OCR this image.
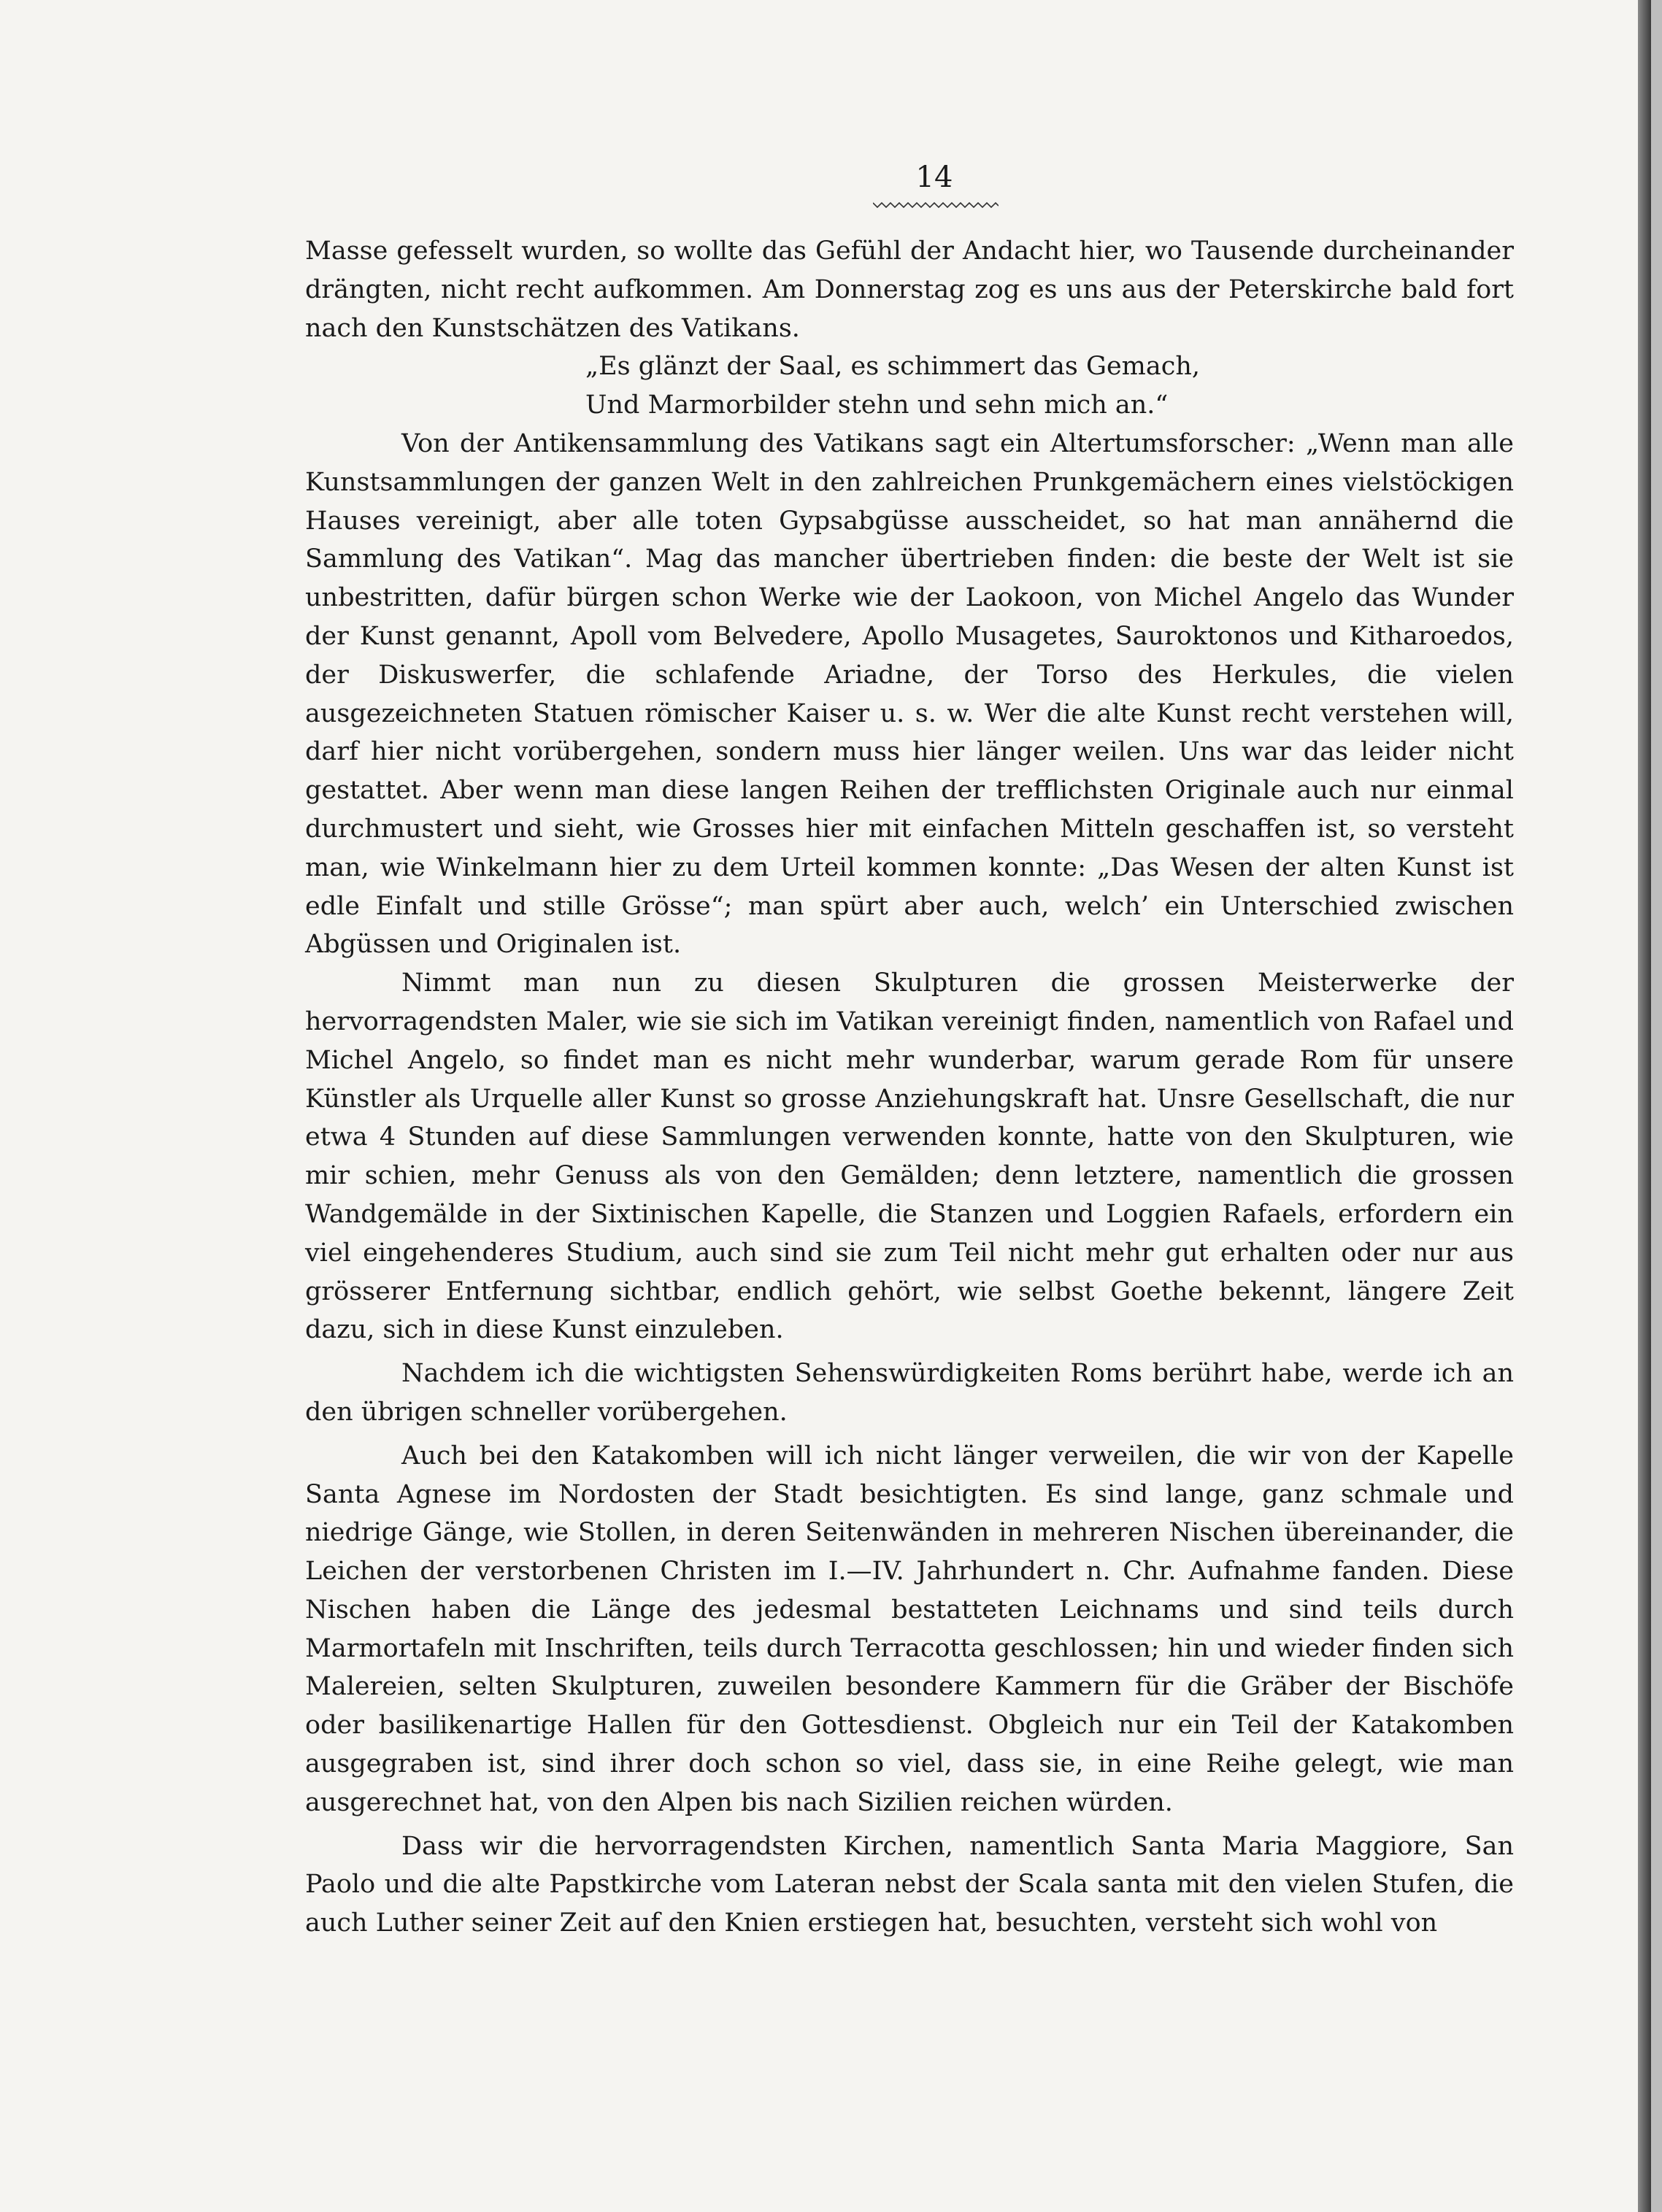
14

Masse gefesselt wurden, so wollte das Gefühl der Andacht hier, wo Tausende durcheinander drängten, nicht recht aufkommen. Am Donnerstag zog es uns aus der Peterskirche bald fort nach den Kunstschätzen des Vatikans.

„Es glänzt der Saal, es schimmert das Gemach,

Und Marmorbilder stehn und sehn mich an.“

Von der Antikensammlung des Vatikans sagt ein Altertumsforscher: „Wenn man alle Kunstsammlungen der ganzen Welt in den zahlreichen Prunkgemächern eines vielstöckigen Hauses vereinigt, aber alle toten Gypsabgüsse ausscheidet, so hat man annähernd die Sammlung des Vatikan“. Mag das mancher übertrieben finden: die beste der Welt ist sie unbestritten, dafür bürgen schon Werke wie der Laokoon, von Michel Angelo das Wunder der Kunst genannt, Apoll vom Belvedere, Apollo Musagetes, Sauroktonos und Kitharoedos, der Diskuswerfer, die schlafende Ariadne, der Torso des Herkules, die vielen ausgezeichneten Statuen römischer Kaiser u. s. w. Wer die alte Kunst recht verstehen will, darf hier nicht vorübergehen, sondern muss hier länger weilen. Uns war das leider nicht gestattet. Aber wenn man diese langen Reihen der trefflichsten Originale auch nur einmal durchmustert und sieht, wie Grosses hier mit einfachen Mitteln geschaffen ist, so versteht man, wie Winkelmann hier zu dem Urteil kommen konnte: „Das Wesen der alten Kunst ist edle Einfalt und stille Grösse“; man spürt aber auch, welch’ ein Unterschied zwischen Abgüssen und Originalen ist.

Nimmt man nun zu diesen Skulpturen die grossen Meisterwerke der hervorragendsten Maler, wie sie sich im Vatikan vereinigt finden, namentlich von Rafael und Michel Angelo, so findet man es nicht mehr wunderbar, warum gerade Rom für unsere Künstler als Urquelle aller Kunst so grosse Anziehungskraft hat. Unsre Gesellschaft, die nur etwa 4 Stunden auf diese Sammlungen verwenden konnte, hatte von den Skulpturen, wie mir schien, mehr Genuss als von den Gemälden; denn letztere, namentlich die grossen Wandgemälde in der Sixtinischen Kapelle, die Stanzen und Loggien Rafaels, erfordern ein viel eingehenderes Studium, auch sind sie zum Teil nicht mehr gut erhalten oder nur aus grösserer Entfernung sichtbar, endlich gehört, wie selbst Goethe bekennt, längere Zeit dazu, sich in diese Kunst einzuleben.

Nachdem ich die wichtigsten Sehenswürdigkeiten Roms berührt habe, werde ich an den übrigen schneller vorübergehen.

Auch bei den Katakomben will ich nicht länger verweilen, die wir von der Kapelle Santa Agnese im Nordosten der Stadt besichtigten. Es sind lange, ganz schmale und niedrige Gänge, wie Stollen, in deren Seitenwänden in mehreren Nischen übereinander, die Leichen der verstorbenen Christen im I.—IV. Jahrhundert n. Chr. Aufnahme fanden. Diese Nischen haben die Länge des jedesmal bestatteten Leichnams und sind teils durch Marmortafeln mit Inschriften, teils durch Terracotta geschlossen; hin und wieder finden sich Malereien, selten Skulpturen, zuweilen besondere Kammern für die Gräber der Bischöfe oder basilikenartige Hallen für den Gottesdienst. Obgleich nur ein Teil der Katakomben ausgegraben ist, sind ihrer doch schon so viel, dass sie, in eine Reihe gelegt, wie man ausgerechnet hat, von den Alpen bis nach Sizilien reichen würden.

Dass wir die hervorragendsten Kirchen, namentlich Santa Maria Maggiore, San Paolo und die alte Papstkirche vom Lateran nebst der Scala santa mit den vielen Stufen, die auch Luther seiner Zeit auf den Knien erstiegen hat, besuchten, versteht sich wohl von
